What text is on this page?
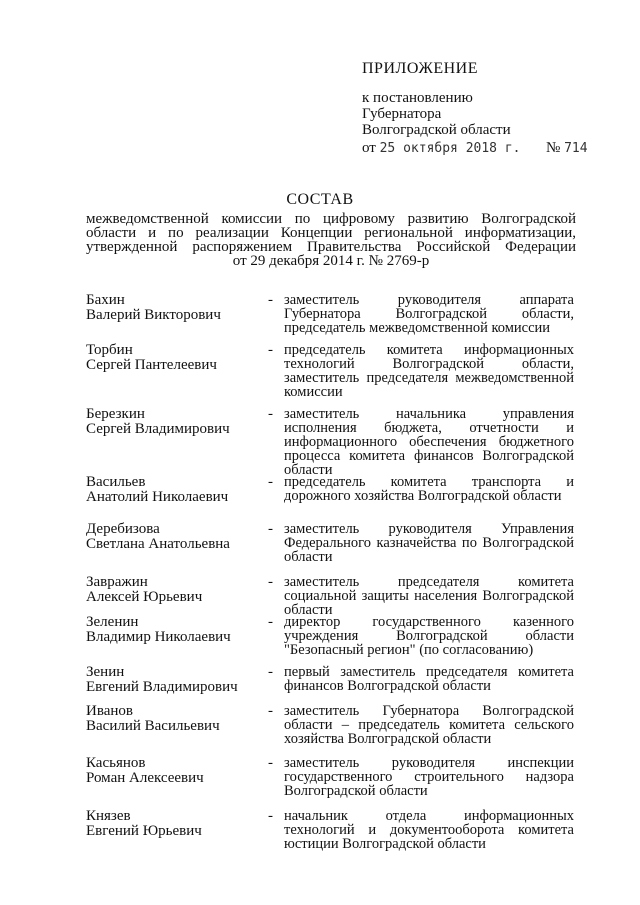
ПРИЛОЖЕНИЕ
к постановлению
Губернатора
Волгоградской области
от 25 октября 2018 г. № 714
СОСТАВ
межведомственной комиссии по цифровому развитию Волгоградской
области и по реализации Концепции региональной информатизации,
утвержденной распоряжением Правительства Российской Федерации
от 29 декабря 2014 г. № 2769-р
Бахин
Валерий Викторович
- заместитель руководителя аппарата Губернатора Волгоградской области, председатель межведомственной комиссии
Торбин
Сергей Пантелеевич
- председатель комитета информационных технологий Волгоградской области, заместитель председателя межведомственной комиссии
Березкин
Сергей Владимирович
- заместитель начальника управления исполнения бюджета, отчетности и информационного обеспечения бюджетного процесса комитета финансов Волгоградской области
Васильев
Анатолий Николаевич
- председатель комитета транспорта и дорожного хозяйства Волгоградской области
Деребизова
Светлана Анатольевна
- заместитель руководителя Управления Федерального казначейства по Волгоградской области
Завражин
Алексей Юрьевич
- заместитель председателя комитета социальной защиты населения Волгоградской области
Зеленин
Владимир Николаевич
- директор государственного казенного учреждения Волгоградской области "Безопасный регион" (по согласованию)
Зенин
Евгений Владимирович
- первый заместитель председателя комитета финансов Волгоградской области
Иванов
Василий Васильевич
- заместитель Губернатора Волгоградской области – председатель комитета сельского хозяйства Волгоградской области
Касьянов
Роман Алексеевич
- заместитель руководителя инспекции государственного строительного надзора Волгоградской области
Князев
Евгений Юрьевич
- начальник отдела информационных технологий и документооборота комитета юстиции Волгоградской области
